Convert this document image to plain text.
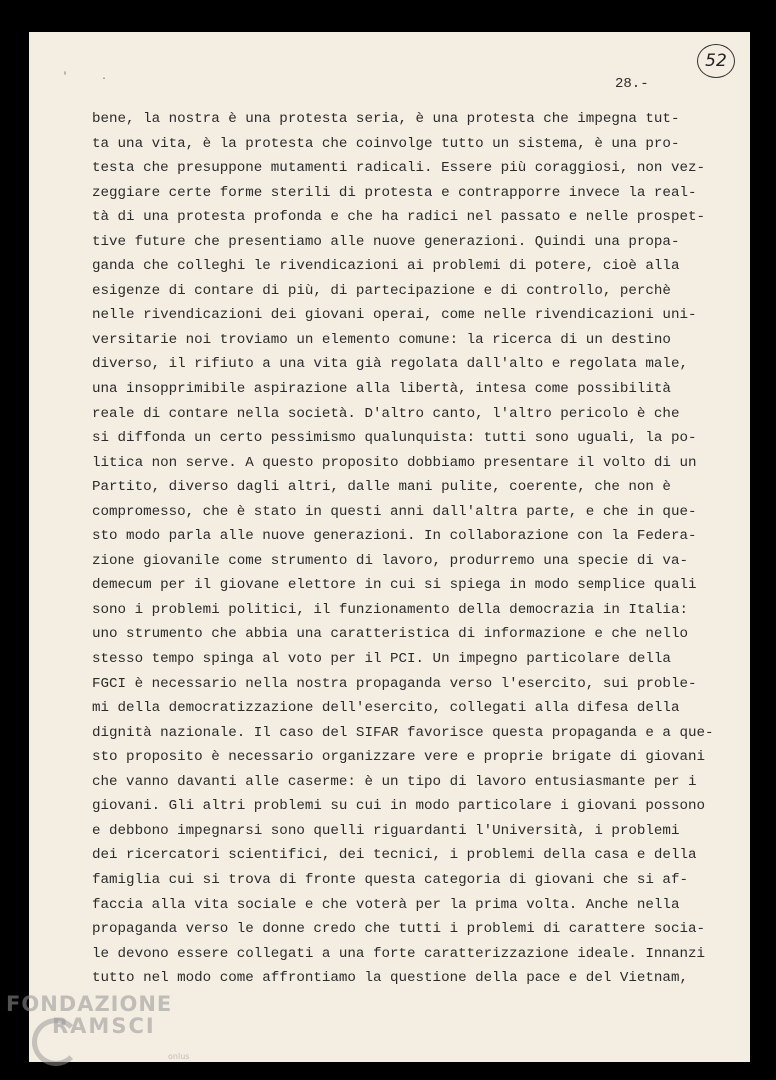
'	·	28.-
52
bene, la nostra è una protesta seria, è una protesta che impegna tut-
ta una vita, è la protesta che coinvolge tutto un sistema, è una pro-
testa che presuppone mutamenti radicali. Essere più coraggiosi, non vez-
zeggiare certe forme sterili di protesta e contrapporre invece la real-
tà di una protesta profonda e che ha radici nel passato e nelle prospet-
tive future che presentiamo alle nuove generazioni. Quindi una propa-
ganda che colleghi le rivendicazioni ai problemi di potere, cioè alla
esigenze di contare di più, di partecipazione e di controllo, perchè
nelle rivendicazioni dei giovani operai, come nelle rivendicazioni uni-
versitarie noi troviamo un elemento comune: la ricerca di un destino
diverso, il rifiuto a una vita già regolata dall'alto e regolata male,
una insopprimibile aspirazione alla libertà, intesa come possibilità
reale di contare nella società. D'altro canto, l'altro pericolo è che
si diffonda un certo pessimismo qualunquista: tutti sono uguali, la po-
litica non serve. A questo proposito dobbiamo presentare il volto di un
Partito, diverso dagli altri, dalle mani pulite, coerente, che non è
compromesso, che è stato in questi anni dall'altra parte, e che in que-
sto modo parla alle nuove generazioni. In collaborazione con la Federa-
zione giovanile come strumento di lavoro, produrremo una specie di va-
demecum per il giovane elettore in cui si spiega in modo semplice quali
sono i problemi politici, il funzionamento della democrazia in Italia:
uno strumento che abbia una caratteristica di informazione e che nello
stesso tempo spinga al voto per il PCI. Un impegno particolare della
FGCI è necessario nella nostra propaganda verso l'esercito, sui proble-
mi della democratizzazione dell'esercito, collegati alla difesa della
dignità nazionale. Il caso del SIFAR favorisce questa propaganda e a que-
sto proposito è necessario organizzare vere e proprie brigate di giovani
che vanno davanti alle caserme: è un tipo di lavoro entusiasmante per i
giovani. Gli altri problemi su cui in modo particolare i giovani possono
e debbono impegnarsi sono quelli riguardanti l'Università, i problemi
dei ricercatori scientifici, dei tecnici, i problemi della casa e della
famiglia cui si trova di fronte questa categoria di giovani che si af-
faccia alla vita sociale e che voterà per la prima volta. Anche nella
propaganda verso le donne credo che tutti i problemi di carattere socia-
le devono essere collegati a una forte caratterizzazione ideale. Innanzi
tutto nel modo come affrontiamo la questione della pace e del Vietnam,
FONDAZIONE
RAMSCI
onlus
